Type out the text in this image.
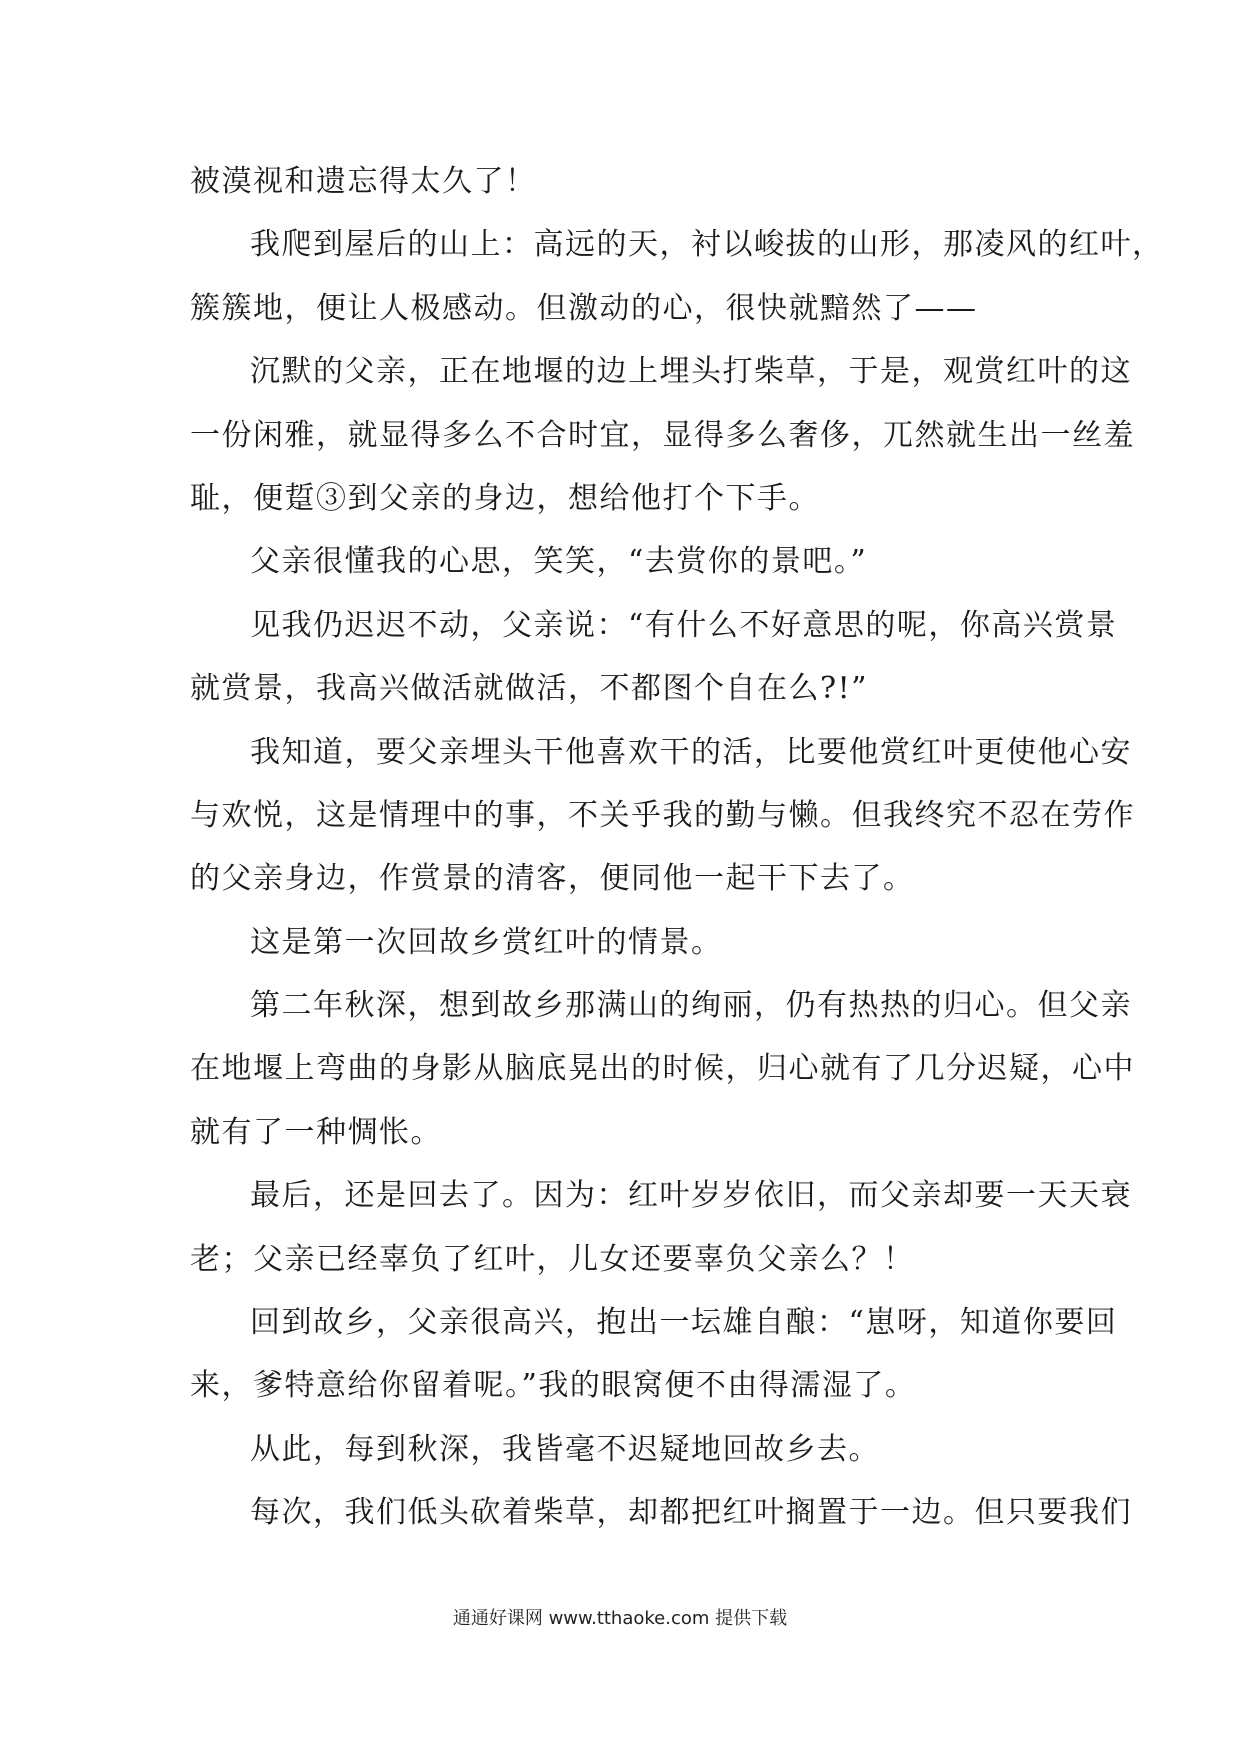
被漠视和遗忘得太久了！
我爬到屋后的山上：高远的天，衬以峻拔的山形，那凌风的红叶，
簇簇地，便让人极感动。但激动的心，很快就黯然了——
沉默的父亲，正在地堰的边上埋头打柴草，于是，观赏红叶的这
一份闲雅，就显得多么不合时宜，显得多么奢侈，兀然就生出一丝羞
耻，便踅③到父亲的身边，想给他打个下手。
父亲很懂我的心思，笑笑，“去赏你的景吧。”
见我仍迟迟不动，父亲说：“有什么不好意思的呢，你高兴赏景
就赏景，我高兴做活就做活，不都图个自在么?!”
我知道，要父亲埋头干他喜欢干的活，比要他赏红叶更使他心安
与欢悦，这是情理中的事，不关乎我的勤与懒。但我终究不忍在劳作
的父亲身边，作赏景的清客，便同他一起干下去了。
这是第一次回故乡赏红叶的情景。
第二年秋深，想到故乡那满山的绚丽，仍有热热的归心。但父亲
在地堰上弯曲的身影从脑底晃出的时候，归心就有了几分迟疑，心中
就有了一种惆怅。
最后，还是回去了。因为：红叶岁岁依旧，而父亲却要一天天衰
老；父亲已经辜负了红叶，儿女还要辜负父亲么？！
回到故乡，父亲很高兴，抱出一坛雄自酿：“崽呀，知道你要回
来，爹特意给你留着呢。”我的眼窝便不由得濡湿了。
从此，每到秋深，我皆毫不迟疑地回故乡去。
每次，我们低头砍着柴草，却都把红叶搁置于一边。但只要我们
通通好课网 www.tthaoke.com 提供下载
